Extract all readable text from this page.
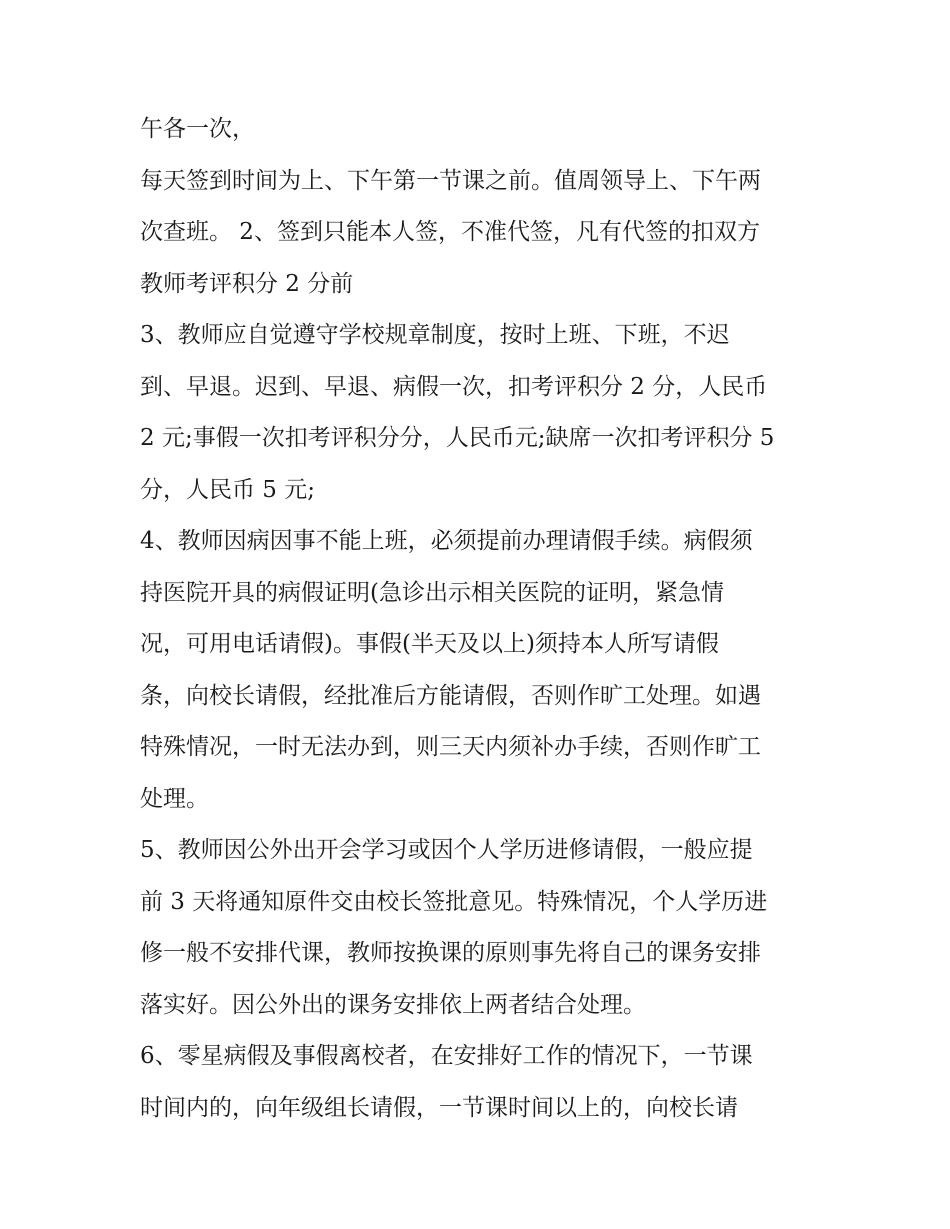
午各一次，
每天签到时间为上、下午第一节课之前。值周领导上、下午两
次查班。 2、签到只能本人签，不准代签，凡有代签的扣双方
教师考评积分 2 分前
3、教师应自觉遵守学校规章制度，按时上班、下班，不迟
到、早退。迟到、早退、病假一次，扣考评积分 2 分，人民币
2 元;事假一次扣考评积分分，人民币元;缺席一次扣考评积分 5
分，人民币 5 元;
4、教师因病因事不能上班，必须提前办理请假手续。病假须
持医院开具的病假证明(急诊出示相关医院的证明，紧急情
况，可用电话请假)。事假(半天及以上)须持本人所写请假
条，向校长请假，经批准后方能请假，否则作旷工处理。如遇
特殊情况，一时无法办到，则三天内须补办手续，否则作旷工
处理。
5、教师因公外出开会学习或因个人学历进修请假，一般应提
前 3 天将通知原件交由校长签批意见。特殊情况，个人学历进
修一般不安排代课，教师按换课的原则事先将自己的课务安排
落实好。因公外出的课务安排依上两者结合处理。
6、零星病假及事假离校者，在安排好工作的情况下，一节课
时间内的，向年级组长请假，一节课时间以上的，向校长请
